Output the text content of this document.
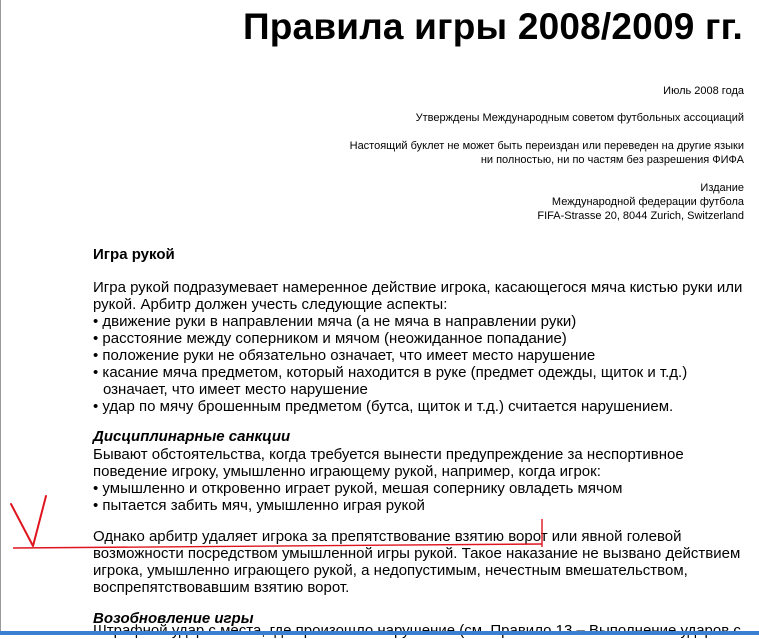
Правила игры 2008/2009 гг.

Июль 2008 года

Утверждены Международным советом футбольных ассоциаций

Настоящий буклет не может быть переиздан или переведен на другие языки

ни полностью, ни по частям без разрешения ФИФА

Издание

Международной федерации футбола

FIFA-Strasse 20, 8044 Zurich, Switzerland

Игра рукой

Игра рукой подразумевает намеренное действие игрока, касающегося мяча кистью руки или

рукой. Арбитр должен учесть следующие аспекты:

• движение руки в направлении мяча (а не мяча в направлении руки)
• расстояние между соперником и мячом (неожиданное попадание)
• положение руки не обязательно означает, что имеет место нарушение
• касание мяча предметом, который находится в руке (предмет одежды, щиток и т.д.)

означает, что имеет место нарушение

• удар по мячу брошенным предметом (бутса, щиток и т.д.) считается нарушением.
Дисциплинарные санкции

Бывают обстоятельства, когда требуется вынести предупреждение за неспортивное

поведение игроку, умышленно играющему рукой, например, когда игрок:

• умышленно и откровенно играет рукой, мешая сопернику овладеть мячом
• пытается забить мяч, умышленно играя рукой

Однако арбитр удаляет игрока за препятствование взятию ворот или явной голевой

возможности посредством умышленной игры рукой. Такое наказание не вызвано действием

игрока, умышленно играющего рукой, а недопустимым, нечестным вмешательством,

воспрепятствовавшим взятию ворот.

Возобновление игры
